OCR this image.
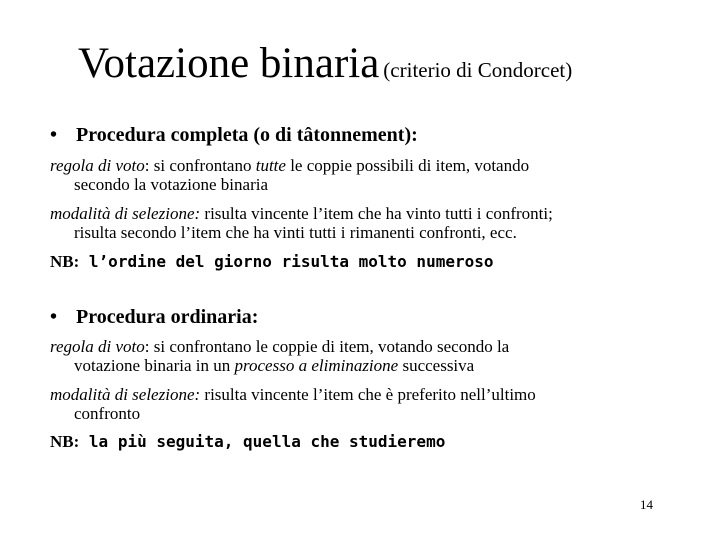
Votazione binaria (criterio di Condorcet)
• Procedura completa (o di tâtonnement):
regola di voto: si confrontano tutte le coppie possibili di item, votando
secondo la votazione binaria
modalità di selezione: risulta vincente l’item che ha vinto tutti i confronti;
risulta secondo l’item che ha vinti tutti i rimanenti confronti, ecc.
NB: l’ordine del giorno risulta molto numeroso
• Procedura ordinaria:
regola di voto: si confrontano le coppie di item, votando secondo la
votazione binaria in un processo a eliminazione successiva
modalità di selezione: risulta vincente l’item che è preferito nell’ultimo
confronto
NB: la più seguita, quella che studieremo
14
